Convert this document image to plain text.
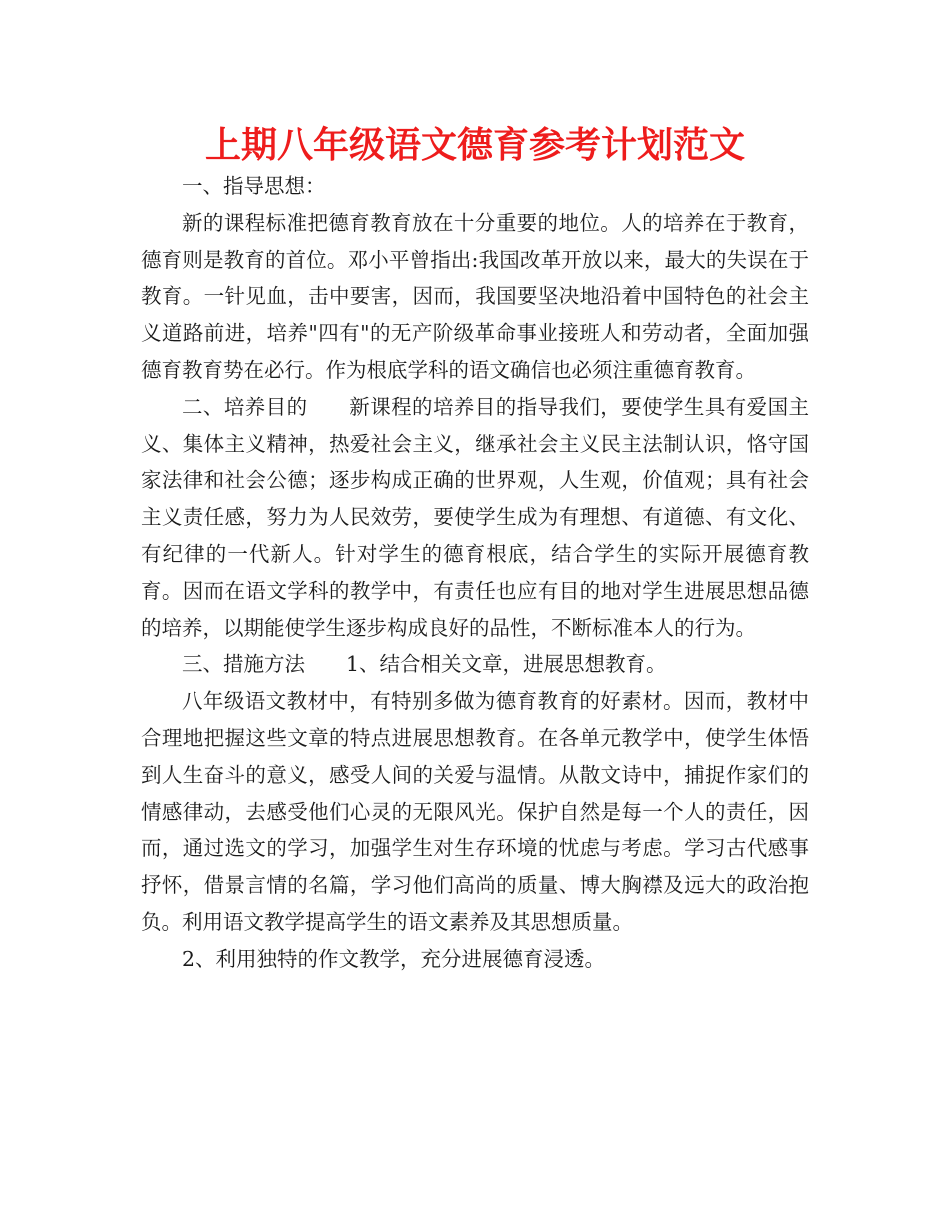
上期八年级语文德育参考计划范文

一、指导思想：

新的课程标准把德育教育放在十分重要的地位。人的培养在于教育，德育则是教育的首位。邓小平曾指出:我国改革开放以来，最大的失误在于教育。一针见血，击中要害，因而，我国要坚决地沿着中国特色的社会主义道路前进，培养"四有"的无产阶级革命事业接班人和劳动者，全面加强德育教育势在必行。作为根底学科的语文确信也必须注重德育教育。

二、培养目的　　新课程的培养目的指导我们，要使学生具有爱国主义、集体主义精神，热爱社会主义，继承社会主义民主法制认识，恪守国家法律和社会公德；逐步构成正确的世界观，人生观，价值观；具有社会主义责任感，努力为人民效劳，要使学生成为有理想、有道德、有文化、有纪律的一代新人。针对学生的德育根底，结合学生的实际开展德育教育。因而在语文学科的教学中，有责任也应有目的地对学生进展思想品德的培养，以期能使学生逐步构成良好的品性，不断标准本人的行为。

三、措施方法　　1、结合相关文章，进展思想教育。

八年级语文教材中，有特别多做为德育教育的好素材。因而，教材中合理地把握这些文章的特点进展思想教育。在各单元教学中，使学生体悟到人生奋斗的意义，感受人间的关爱与温情。从散文诗中，捕捉作家们的情感律动，去感受他们心灵的无限风光。保护自然是每一个人的责任，因而，通过选文的学习，加强学生对生存环境的忧虑与考虑。学习古代感事抒怀，借景言情的名篇，学习他们高尚的质量、博大胸襟及远大的政治抱负。利用语文教学提高学生的语文素养及其思想质量。

2、利用独特的作文教学，充分进展德育浸透。
